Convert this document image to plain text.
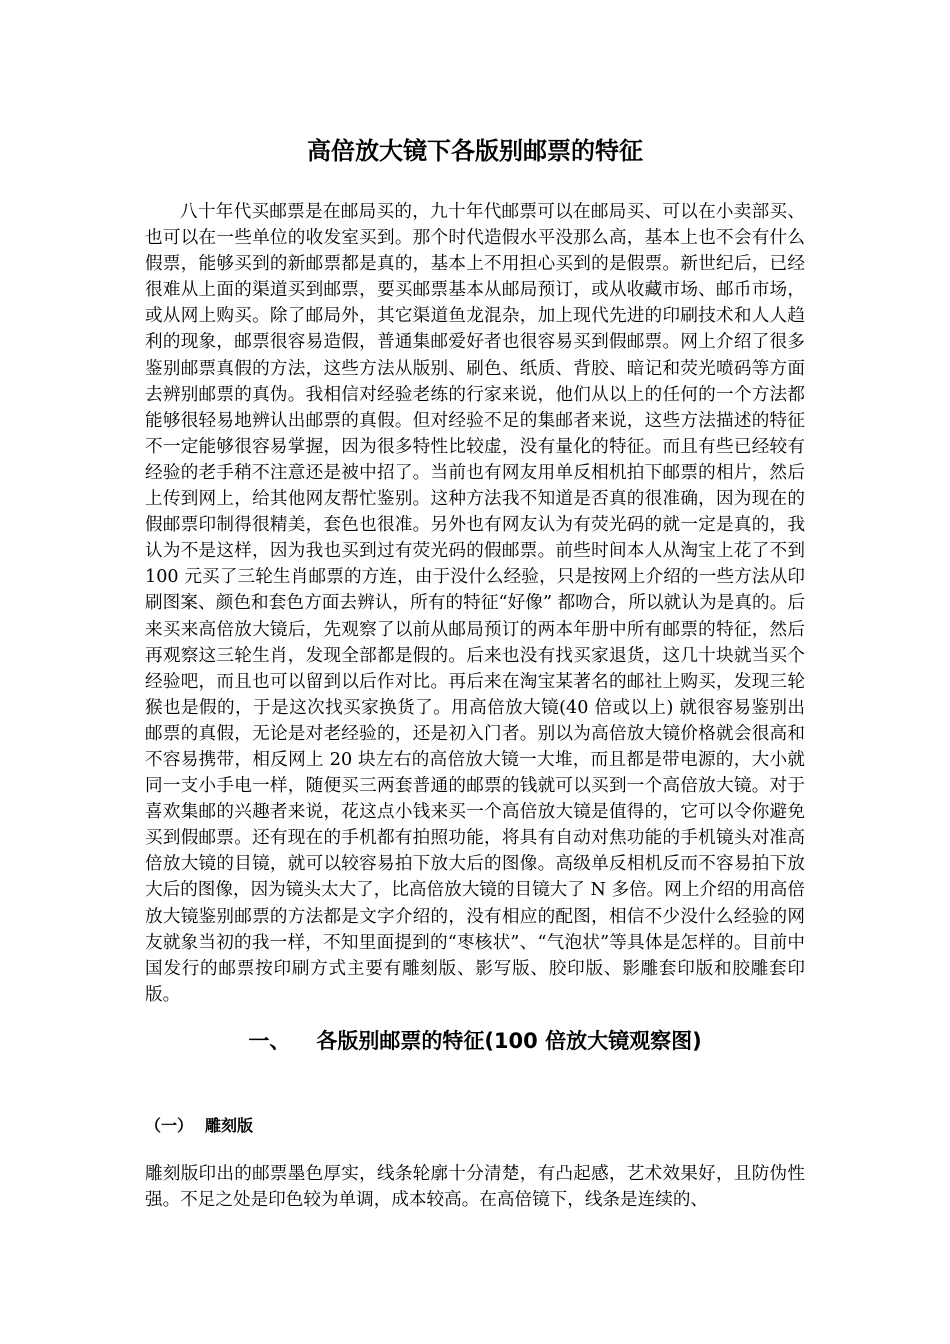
高倍放大镜下各版别邮票的特征

八十年代买邮票是在邮局买的，九十年代邮票可以在邮局买、可以在小卖部买、也可以在一些单位的收发室买到。那个时代造假水平没那么高，基本上也不会有什么假票，能够买到的新邮票都是真的，基本上不用担心买到的是假票。新世纪后，已经很难从上面的渠道买到邮票，要买邮票基本从邮局预订，或从收藏市场、邮币市场，或从网上购买。除了邮局外，其它渠道鱼龙混杂，加上现代先进的印刷技术和人人趋利的现象，邮票很容易造假，普通集邮爱好者也很容易买到假邮票。网上介绍了很多鉴别邮票真假的方法，这些方法从版别、刷色、纸质、背胶、暗记和荧光喷码等方面去辨别邮票的真伪。我相信对经验老练的行家来说，他们从以上的任何的一个方法都能够很轻易地辨认出邮票的真假。但对经验不足的集邮者来说，这些方法描述的特征不一定能够很容易掌握，因为很多特性比较虚，没有量化的特征。而且有些已经较有经验的老手稍不注意还是被中招了。当前也有网友用单反相机拍下邮票的相片，然后上传到网上，给其他网友帮忙鉴别。这种方法我不知道是否真的很准确，因为现在的假邮票印制得很精美，套色也很准。另外也有网友认为有荧光码的就一定是真的，我认为不是这样，因为我也买到过有荧光码的假邮票。前些时间本人从淘宝上花了不到 100 元买了三轮生肖邮票的方连，由于没什么经验，只是按网上介绍的一些方法从印刷图案、颜色和套色方面去辨认，所有的特征“好像” 都吻合，所以就认为是真的。后来买来高倍放大镜后，先观察了以前从邮局预订的两本年册中所有邮票的特征，然后再观察这三轮生肖，发现全部都是假的。后来也没有找买家退货，这几十块就当买个经验吧，而且也可以留到以后作对比。再后来在淘宝某著名的邮社上购买，发现三轮猴也是假的，于是这次找买家换货了。用高倍放大镜(40 倍或以上) 就很容易鉴别出邮票的真假，无论是对老经验的，还是初入门者。别以为高倍放大镜价格就会很高和不容易携带，相反网上 20 块左右的高倍放大镜一大堆，而且都是带电源的，大小就同一支小手电一样，随便买三两套普通的邮票的钱就可以买到一个高倍放大镜。对于喜欢集邮的兴趣者来说，花这点小钱来买一个高倍放大镜是值得的，它可以令你避免买到假邮票。还有现在的手机都有拍照功能，将具有自动对焦功能的手机镜头对准高倍放大镜的目镜，就可以较容易拍下放大后的图像。高级单反相机反而不容易拍下放大后的图像，因为镜头太大了，比高倍放大镜的目镜大了 N 多倍。网上介绍的用高倍放大镜鉴别邮票的方法都是文字介绍的，没有相应的配图，相信不少没什么经验的网友就象当初的我一样，不知里面提到的“枣核状”、“气泡状”等具体是怎样的。目前中国发行的邮票按印刷方式主要有雕刻版、影写版、胶印版、影雕套印版和胶雕套印版。

一、 各版别邮票的特征(100 倍放大镜观察图)
（一） 雕刻版

雕刻版印出的邮票墨色厚实，线条轮廓十分清楚，有凸起感，艺术效果好，且防伪性强。不足之处是印色较为单调，成本较高。在高倍镜下，线条是连续的、
